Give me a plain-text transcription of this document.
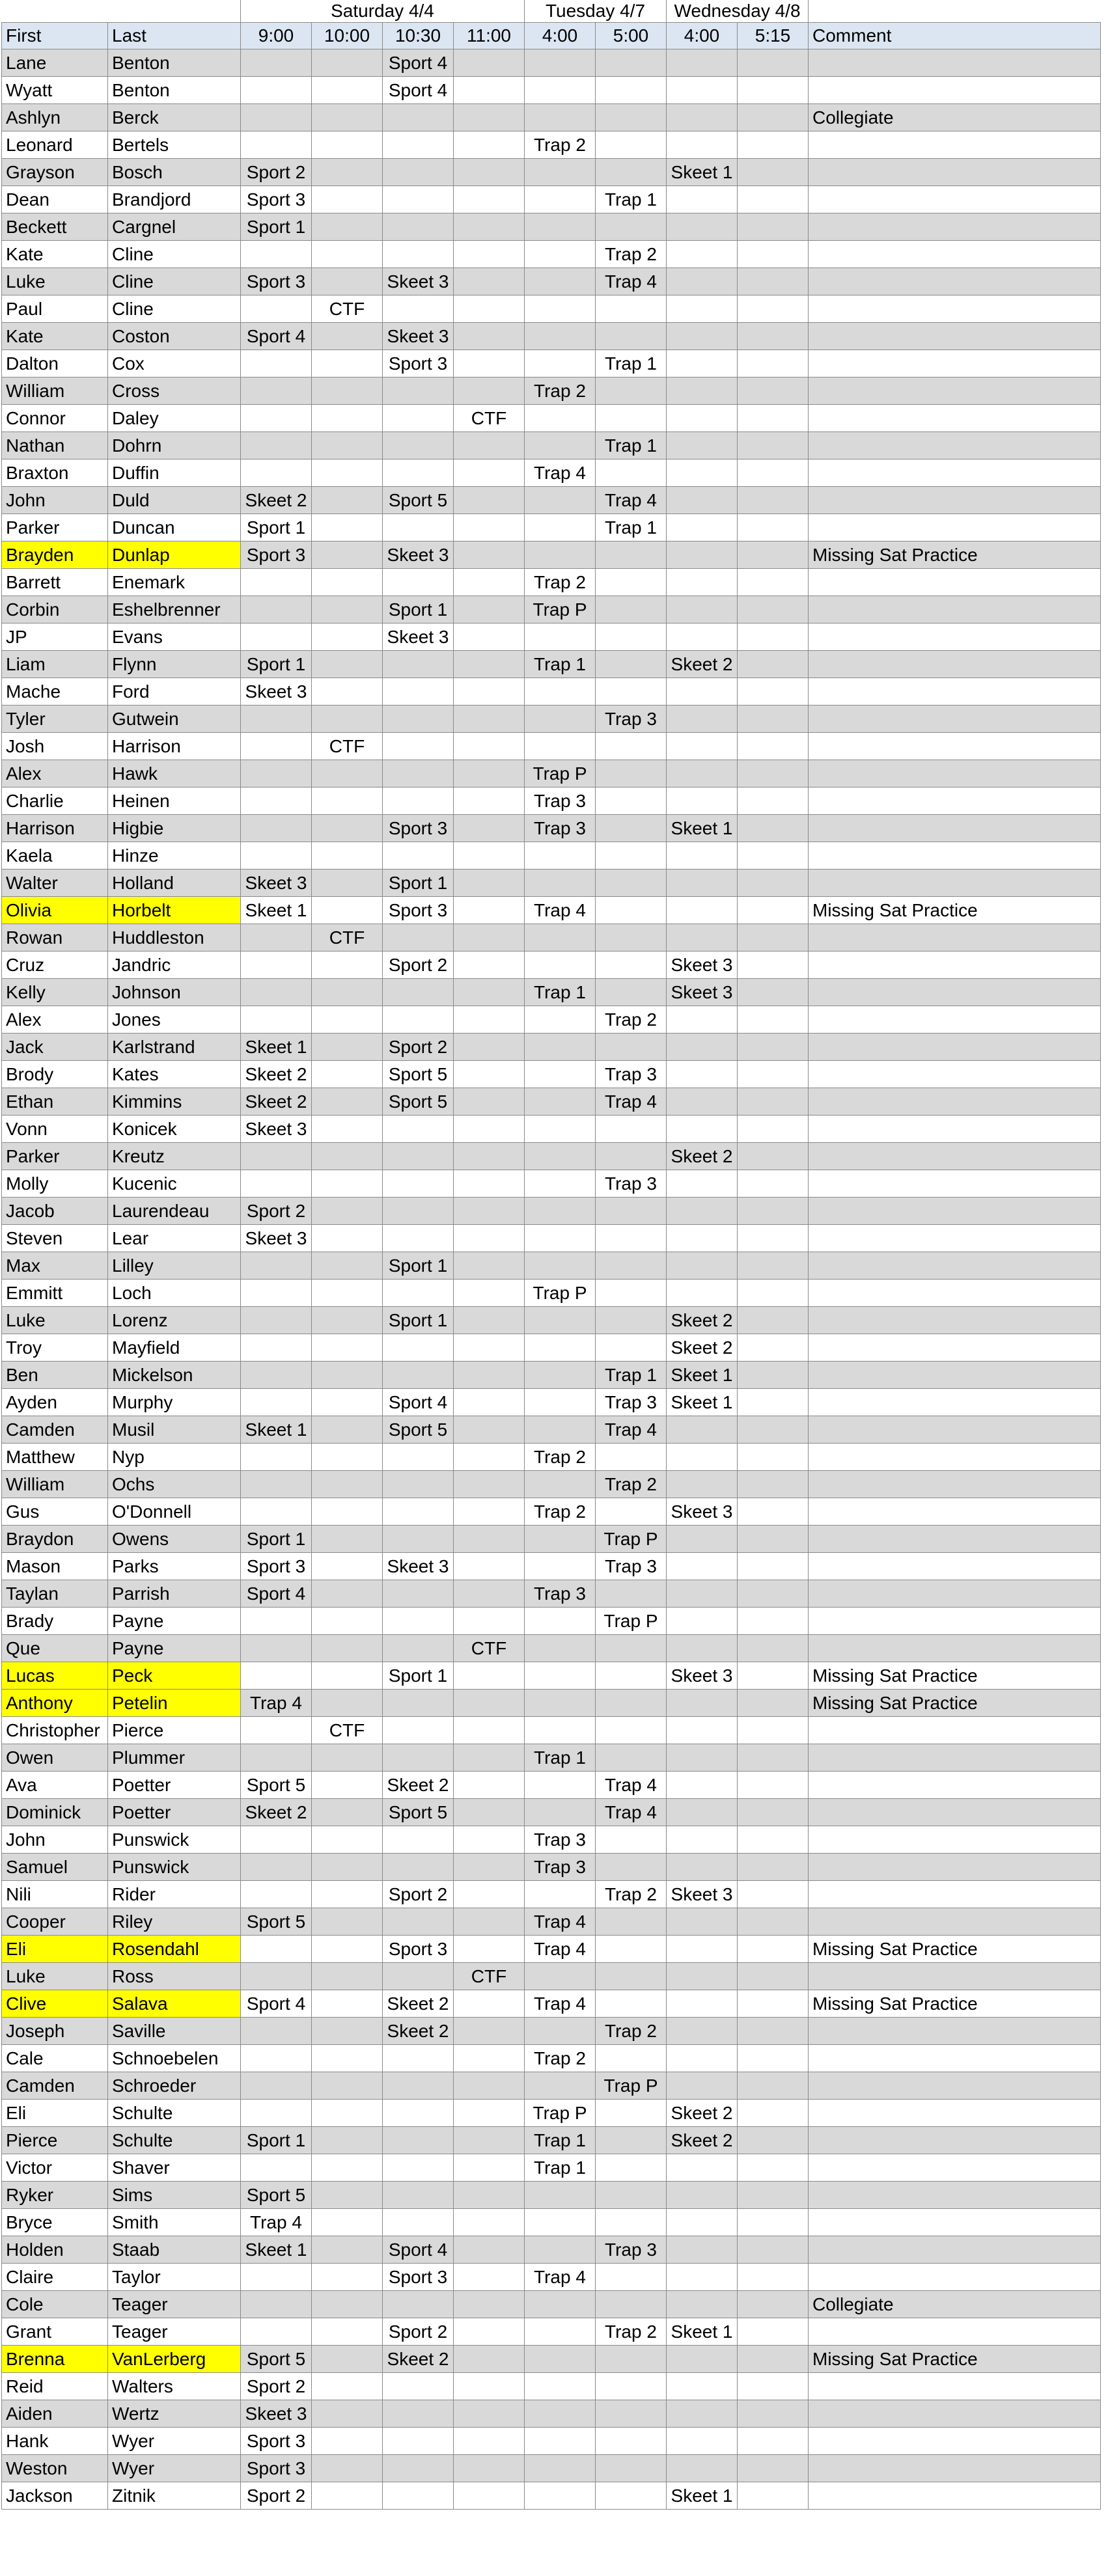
		Saturday 4/4				Tuesday 4/7		Wednesday 4/8		
First	Last	9:00	10:00	10:30	11:00	4:00	5:00	4:00	5:15	Comment
Lane	Benton			Sport 4						
Wyatt	Benton			Sport 4						
Ashlyn	Berck									Collegiate
Leonard	Bertels					Trap 2				
Grayson	Bosch	Sport 2						Skeet 1		
Dean	Brandjord	Sport 3					Trap 1			
Beckett	Cargnel	Sport 1								
Kate	Cline						Trap 2			
Luke	Cline	Sport 3		Skeet 3			Trap 4			
Paul	Cline		CTF							
Kate	Coston	Sport 4		Skeet 3						
Dalton	Cox			Sport 3			Trap 1			
William	Cross					Trap 2				
Connor	Daley				CTF					
Nathan	Dohrn						Trap 1			
Braxton	Duffin					Trap 4				
John	Duld	Skeet 2		Sport 5			Trap 4			
Parker	Duncan	Sport 1					Trap 1			
Brayden	Dunlap	Sport 3		Skeet 3						Missing Sat Practice
Barrett	Enemark					Trap 2				
Corbin	Eshelbrenner			Sport 1		Trap P				
JP	Evans			Skeet 3						
Liam	Flynn	Sport 1				Trap 1		Skeet 2		
Mache	Ford	Skeet 3								
Tyler	Gutwein						Trap 3			
Josh	Harrison		CTF							
Alex	Hawk					Trap P				
Charlie	Heinen					Trap 3				
Harrison	Higbie			Sport 3		Trap 3		Skeet 1		
Kaela	Hinze									
Walter	Holland	Skeet 3		Sport 1						
Olivia	Horbelt	Skeet 1		Sport 3		Trap 4				Missing Sat Practice
Rowan	Huddleston		CTF							
Cruz	Jandric			Sport 2				Skeet 3		
Kelly	Johnson					Trap 1		Skeet 3		
Alex	Jones						Trap 2			
Jack	Karlstrand	Skeet 1		Sport 2						
Brody	Kates	Skeet 2		Sport 5			Trap 3			
Ethan	Kimmins	Skeet 2		Sport 5			Trap 4			
Vonn	Konicek	Skeet 3								
Parker	Kreutz							Skeet 2		
Molly	Kucenic						Trap 3			
Jacob	Laurendeau	Sport 2								
Steven	Lear	Skeet 3								
Max	Lilley			Sport 1						
Emmitt	Loch					Trap P				
Luke	Lorenz			Sport 1				Skeet 2		
Troy	Mayfield							Skeet 2		
Ben	Mickelson						Trap 1	Skeet 1		
Ayden	Murphy			Sport 4			Trap 3	Skeet 1		
Camden	Musil	Skeet 1		Sport 5			Trap 4			
Matthew	Nyp					Trap 2				
William	Ochs						Trap 2			
Gus	O'Donnell					Trap 2		Skeet 3		
Braydon	Owens	Sport 1					Trap P			
Mason	Parks	Sport 3		Skeet 3			Trap 3			
Taylan	Parrish	Sport 4				Trap 3				
Brady	Payne						Trap P			
Que	Payne				CTF					
Lucas	Peck			Sport 1				Skeet 3		Missing Sat Practice
Anthony	Petelin	Trap 4								Missing Sat Practice
Christopher	Pierce		CTF							
Owen	Plummer					Trap 1				
Ava	Poetter	Sport 5		Skeet 2			Trap 4			
Dominick	Poetter	Skeet 2		Sport 5			Trap 4			
John	Punswick					Trap 3				
Samuel	Punswick					Trap 3				
Nili	Rider			Sport 2			Trap 2	Skeet 3		
Cooper	Riley	Sport 5				Trap 4				
Eli	Rosendahl			Sport 3		Trap 4				Missing Sat Practice
Luke	Ross				CTF					
Clive	Salava	Sport 4		Skeet 2		Trap 4				Missing Sat Practice
Joseph	Saville			Skeet 2			Trap 2			
Cale	Schnoebelen					Trap 2				
Camden	Schroeder						Trap P			
Eli	Schulte					Trap P		Skeet 2		
Pierce	Schulte	Sport 1				Trap 1		Skeet 2		
Victor	Shaver					Trap 1				
Ryker	Sims	Sport 5								
Bryce	Smith	Trap 4								
Holden	Staab	Skeet 1		Sport 4			Trap 3			
Claire	Taylor			Sport 3		Trap 4				
Cole	Teager									Collegiate
Grant	Teager			Sport 2			Trap 2	Skeet 1		
Brenna	VanLerberg	Sport 5		Skeet 2						Missing Sat Practice
Reid	Walters	Sport 2								
Aiden	Wertz	Skeet 3								
Hank	Wyer	Sport 3								
Weston	Wyer	Sport 3								
Jackson	Zitnik	Sport 2						Skeet 1		
